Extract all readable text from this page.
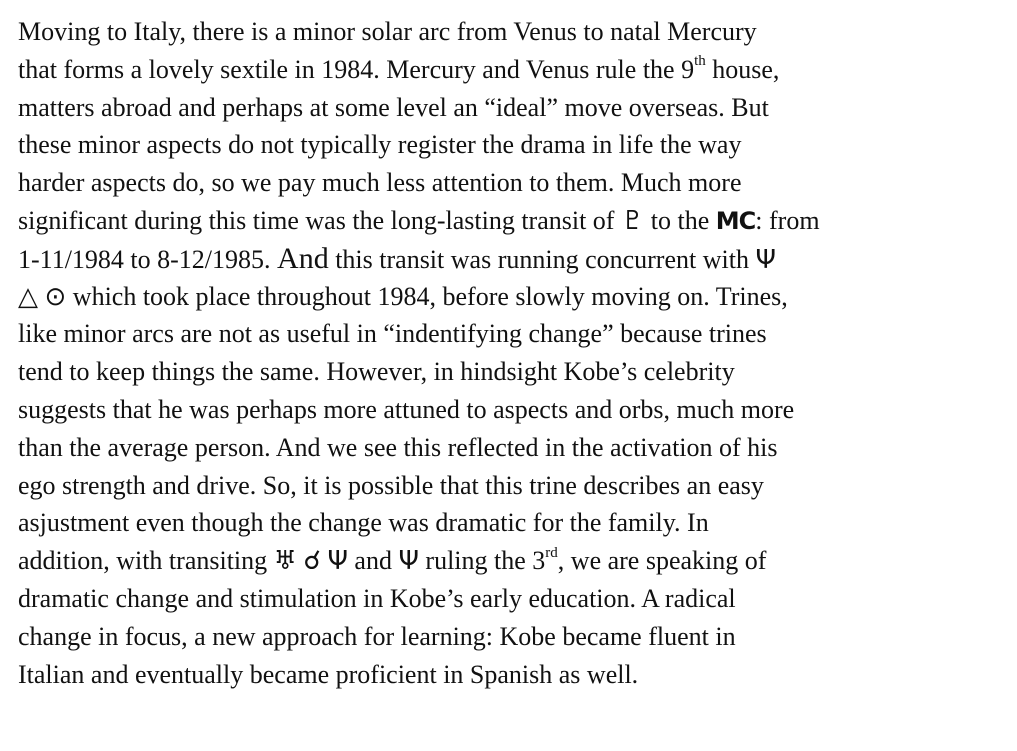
Moving to Italy, there is a minor solar arc from Venus to natal Mercury
that forms a lovely sextile in 1984. Mercury and Venus rule the 9th house,
matters abroad and perhaps at some level an “ideal” move overseas. But
these minor aspects do not typically register the drama in life the way
harder aspects do, so we pay much less attention to them. Much more
significant during this time was the long-lasting transit of ♇ to the MC: from
1-11/1984 to 8-12/1985. And this transit was running concurrent with Ψ
△ ⊙ which took place throughout 1984, before slowly moving on. Trines,
like minor arcs are not as useful in “indentifying change” because trines
tend to keep things the same. However, in hindsight Kobe’s celebrity
suggests that he was perhaps more attuned to aspects and orbs, much more
than the average person. And we see this reflected in the activation of his
ego strength and drive. So, it is possible that this trine describes an easy
asjustment even though the change was dramatic for the family. In
addition, with transiting ♅ ☌ Ψ and Ψ ruling the 3rd, we are speaking of
dramatic change and stimulation in Kobe’s early education. A radical
change in focus, a new approach for learning: Kobe became fluent in
Italian and eventually became proficient in Spanish as well.
